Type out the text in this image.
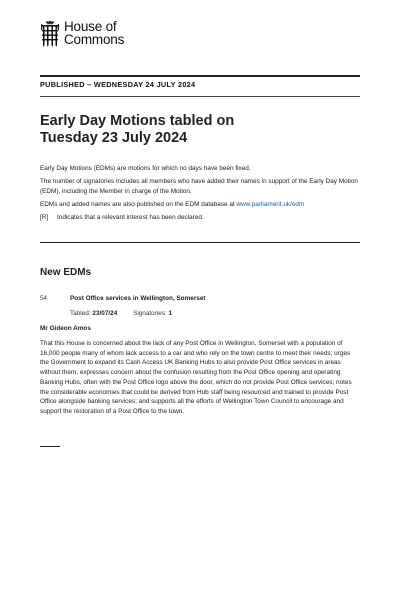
House of
Commons
PUBLISHED – WEDNESDAY 24 JULY 2024
Early Day Motions tabled on
Tuesday 23 July 2024

Early Day Motions (EDMs) are motions for which no days have been fixed.

The number of signatories includes all members who have added their names in support of the Early Day Motion (EDM), including the Member in charge of the Motion.

EDMs and added names are also published on the EDM database at www.parliament.uk/edm

[R] Indicates that a relevant interest has been declared.

New EDMs
54	Post Office services in Wellington, Somerset
Tabled: 23/07/24 Signatories: 1
Mr Gideon Amos

That this House is concerned about the lack of any Post Office in Wellington, Somerset with a population of 16,000 people many of whom lack access to a car and who rely on the town centre to meet their needs; urges the Government to expand its Cash Access UK Banking Hubs to also provide Post Office services in areas without them; expresses concern about the confusion resulting from the Post Office opening and operating Banking Hubs, often with the Post Office logo above the door, which do not provide Post Office services; notes the considerable economies that could be derived from Hub staff being resourced and trained to provide Post Office alongside banking services; and supports all the efforts of Wellington Town Council to encourage and support the restoration of a Post Office to the town.
